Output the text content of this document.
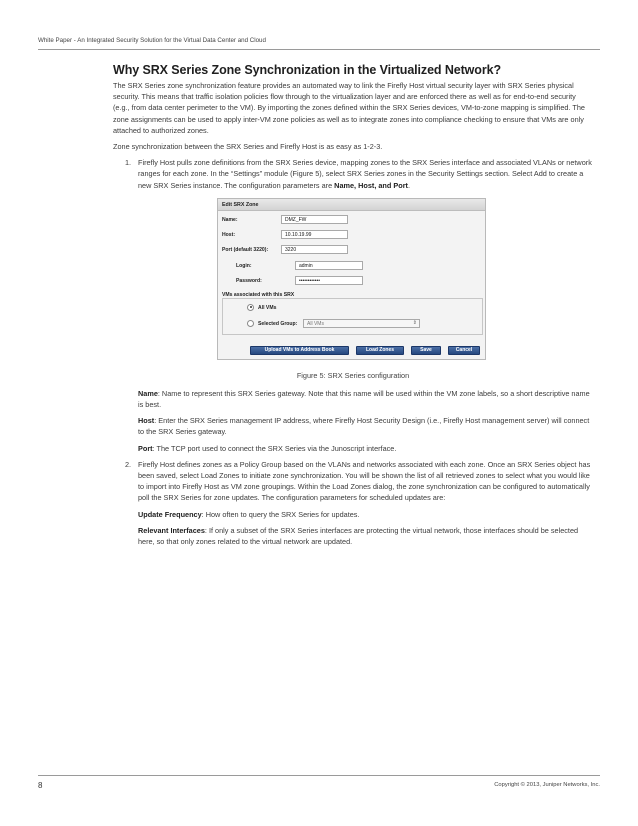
White Paper - An Integrated Security Solution for the Virtual Data Center and Cloud
Why SRX Series Zone Synchronization in the Virtualized Network?

The SRX Series zone synchronization feature provides an automated way to link the Firefly Host virtual security layer with SRX Series physical security. This means that traffic isolation policies flow through to the virtualization layer and are enforced there as well as for end-to-end security (e.g., from data center perimeter to the VM). By importing the zones defined within the SRX Series devices, VM-to-zone mapping is simplified. The zone assignments can be used to apply inter-VM zone policies as well as to integrate zones into compliance checking to ensure that VMs are only attached to authorized zones.

Zone synchronization between the SRX Series and Firefly Host is as easy as 1-2-3.

1. Firefly Host pulls zone definitions from the SRX Series device, mapping zones to the SRX Series interface and associated VLANs or network ranges for each zone. In the “Settings” module (Figure 5), select SRX Series zones in the Security Settings section. Select Add to create a new SRX Series instance. The configuration parameters are Name, Host, and Port.
Edit SRX Zone
Name:	DMZ_FW
Host:	10.10.19.99
Port (default 3220):	3220
Login:	admin
Password:	••••••••••••
VMs associated with this SRX
All VMs
Selected Group:	All VMs	⇕
Upload VMs to Address Book	Load Zones	Save	Cancel

Figure 5: SRX Series configuration

Name: Name to represent this SRX Series gateway. Note that this name will be used within the VM zone labels, so a short descriptive name is best.

Host: Enter the SRX Series management IP address, where Firefly Host Security Design (i.e., Firefly Host management server) will connect to the SRX Series gateway.

Port: The TCP port used to connect the SRX Series via the Junoscript interface.

2. Firefly Host defines zones as a Policy Group based on the VLANs and networks associated with each zone. Once an SRX Series object has been saved, select Load Zones to initiate zone synchronization. You will be shown the list of all retrieved zones to select what you would like to import into Firefly Host as VM zone groupings. Within the Load Zones dialog, the zone synchronization can be configured to automatically poll the SRX Series for zone updates. The configuration parameters for scheduled updates are:

Update Frequency: How often to query the SRX Series for updates.

Relevant Interfaces: If only a subset of the SRX Series interfaces are protecting the virtual network, those interfaces should be selected here, so that only zones related to the virtual network are updated.

8	Copyright © 2013, Juniper Networks, Inc.
